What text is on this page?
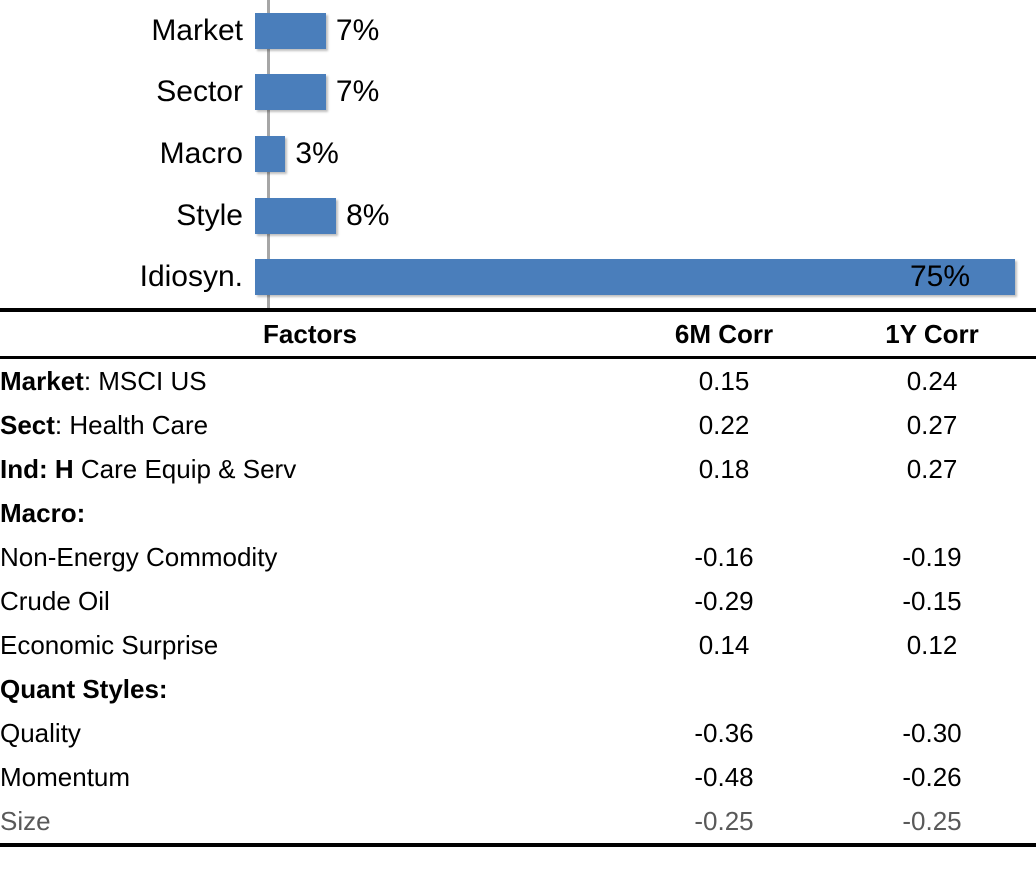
Market	7%
Sector	7%
Macro	3%
Style	8%
Idiosyn.	75%
Factors	6M Corr	1Y Corr
Market: MSCI US	0.15	0.24
Sect: Health Care	0.22	0.27
Ind: H Care Equip & Serv	0.18	0.27
Macro:		
Non-Energy Commodity	-0.16	-0.19
Crude Oil	-0.29	-0.15
Economic Surprise	0.14	0.12
Quant Styles:		
Quality	-0.36	-0.30
Momentum	-0.48	-0.26
Size	-0.25	-0.25
